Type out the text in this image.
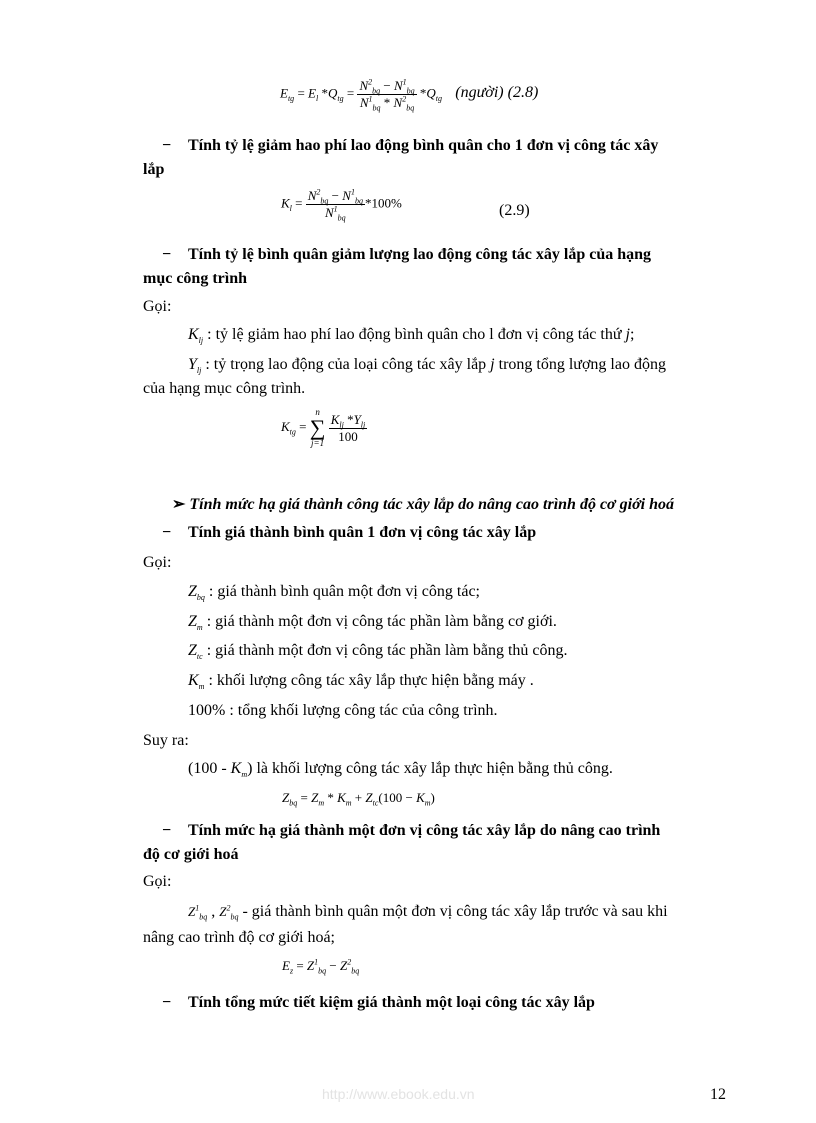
$E_{tg} = E_l$ $*Q_{tg} = \frac{N^2_{bq} - N^1_{bq}}{N^1_{bq} * N^2_{bq}} *Q_{tg}$ (người) (2.8)
− Tính tỷ lệ giảm hao phí lao động bình quân cho 1 đơn vị công tác xây
lắp
$K_l = \frac{N^2_{bq} - N^1_{bq}}{N^1_{bq}} *100\%$	(2.9)
− Tính tỷ lệ bình quân giảm lượng lao động công tác xây lắp của hạng
mục công trình
Gọi:
$K_{lj}$ : tỷ lệ giảm hao phí lao động bình quân cho l đơn vị công tác thứ j;
$Y_{lj}$ : tỷ trọng lao động của loại công tác xây lắp j trong tổng lượng lao động
của hạng mục công trình.
$K_{tg}$ =
n
∑
j=1
$\frac{K_{lj} *Y_{lj}}{100}$
➢ Tính mức hạ giá thành công tác xây lắp do nâng cao trình độ cơ giới hoá
− Tính giá thành bình quân 1 đơn vị công tác xây lắp
Gọi:
$Z_{bq}$ : giá thành bình quân một đơn vị công tác;
$Z_m$ : giá thành một đơn vị công tác phần làm bằng cơ giới.
$Z_{tc}$ : giá thành một đơn vị công tác phần làm bằng thủ công.
$K_m$ : khối lượng công tác xây lắp thực hiện bằng máy .
100% : tổng khối lượng công tác của công trình.
Suy ra:
$(100 - K_m)$ là khối lượng công tác xây lắp thực hiện bằng thủ công.
$Z_{bq} = Z_m * K_m + Z_{tc}(100 - K_m)$
− Tính mức hạ giá thành một đơn vị công tác xây lắp do nâng cao trình
độ cơ giới hoá
Gọi:
$Z^1_{bq}$ , $Z^2_{bq}$ - giá thành bình quân một đơn vị công tác xây lắp trước và sau khi
nâng cao trình độ cơ giới hoá;
$E_z = Z^1_{bq} - Z^2_{bq}$
− Tính tổng mức tiết kiệm giá thành một loại công tác xây lắp
http://www.ebook.edu.vn	12
